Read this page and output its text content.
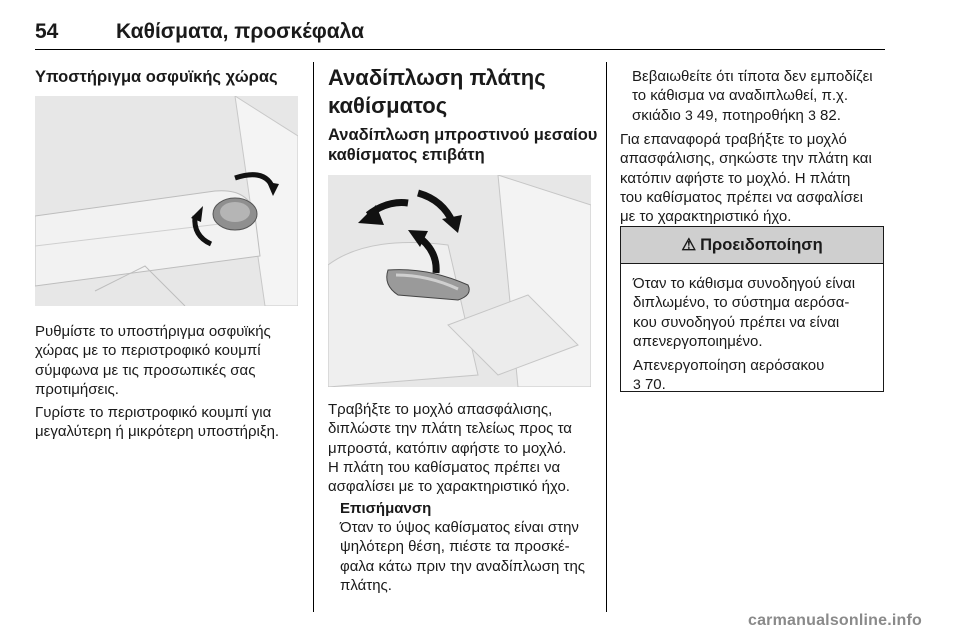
54	Καθίσματα, προσκέφαλα
Υποστήριγμα οσφυϊκής χώρας

Ρυθμίστε το υποστήριγμα οσφυϊκής

χώρας με το περιστροφικό κουμπί

σύμφωνα με τις προσωπικές σας

προτιμήσεις.

Γυρίστε το περιστροφικό κουμπί για

μεγαλύτερη ή μικρότερη υποστήριξη.

Αναδίπλωση πλάτης
καθίσματος
Αναδίπλωση μπροστινού μεσαίου
καθίσματος επιβάτη

Τραβήξτε το μοχλό απασφάλισης,

διπλώστε την πλάτη τελείως προς τα

μπροστά, κατόπιν αφήστε το μοχλό.

Η πλάτη του καθίσματος πρέπει να

ασφαλίσει με το χαρακτηριστικό ήχο.

Επισήμανση

Όταν το ύψος καθίσματος είναι στην

ψηλότερη θέση, πιέστε τα προσκέ-

φαλα κάτω πριν την αναδίπλωση της

πλάτης.

Βεβαιωθείτε ότι τίποτα δεν εμποδίζει

το κάθισμα να αναδιπλωθεί, π.χ.

σκιάδιο 3 49, ποτηροθήκη 3 82.

Για επαναφορά τραβήξτε το μοχλό

απασφάλισης, σηκώστε την πλάτη και

κατόπιν αφήστε το μοχλό. Η πλάτη

του καθίσματος πρέπει να ασφαλίσει

με το χαρακτηριστικό ήχο.

⚠ Προειδοποίηση

Όταν το κάθισμα συνοδηγού είναι

διπλωμένο, το σύστημα αερόσα-

κου συνοδηγού πρέπει να είναι

απενεργοποιημένο.

Απενεργοποίηση αερόσακου

3 70.

carmanualsonline.info
